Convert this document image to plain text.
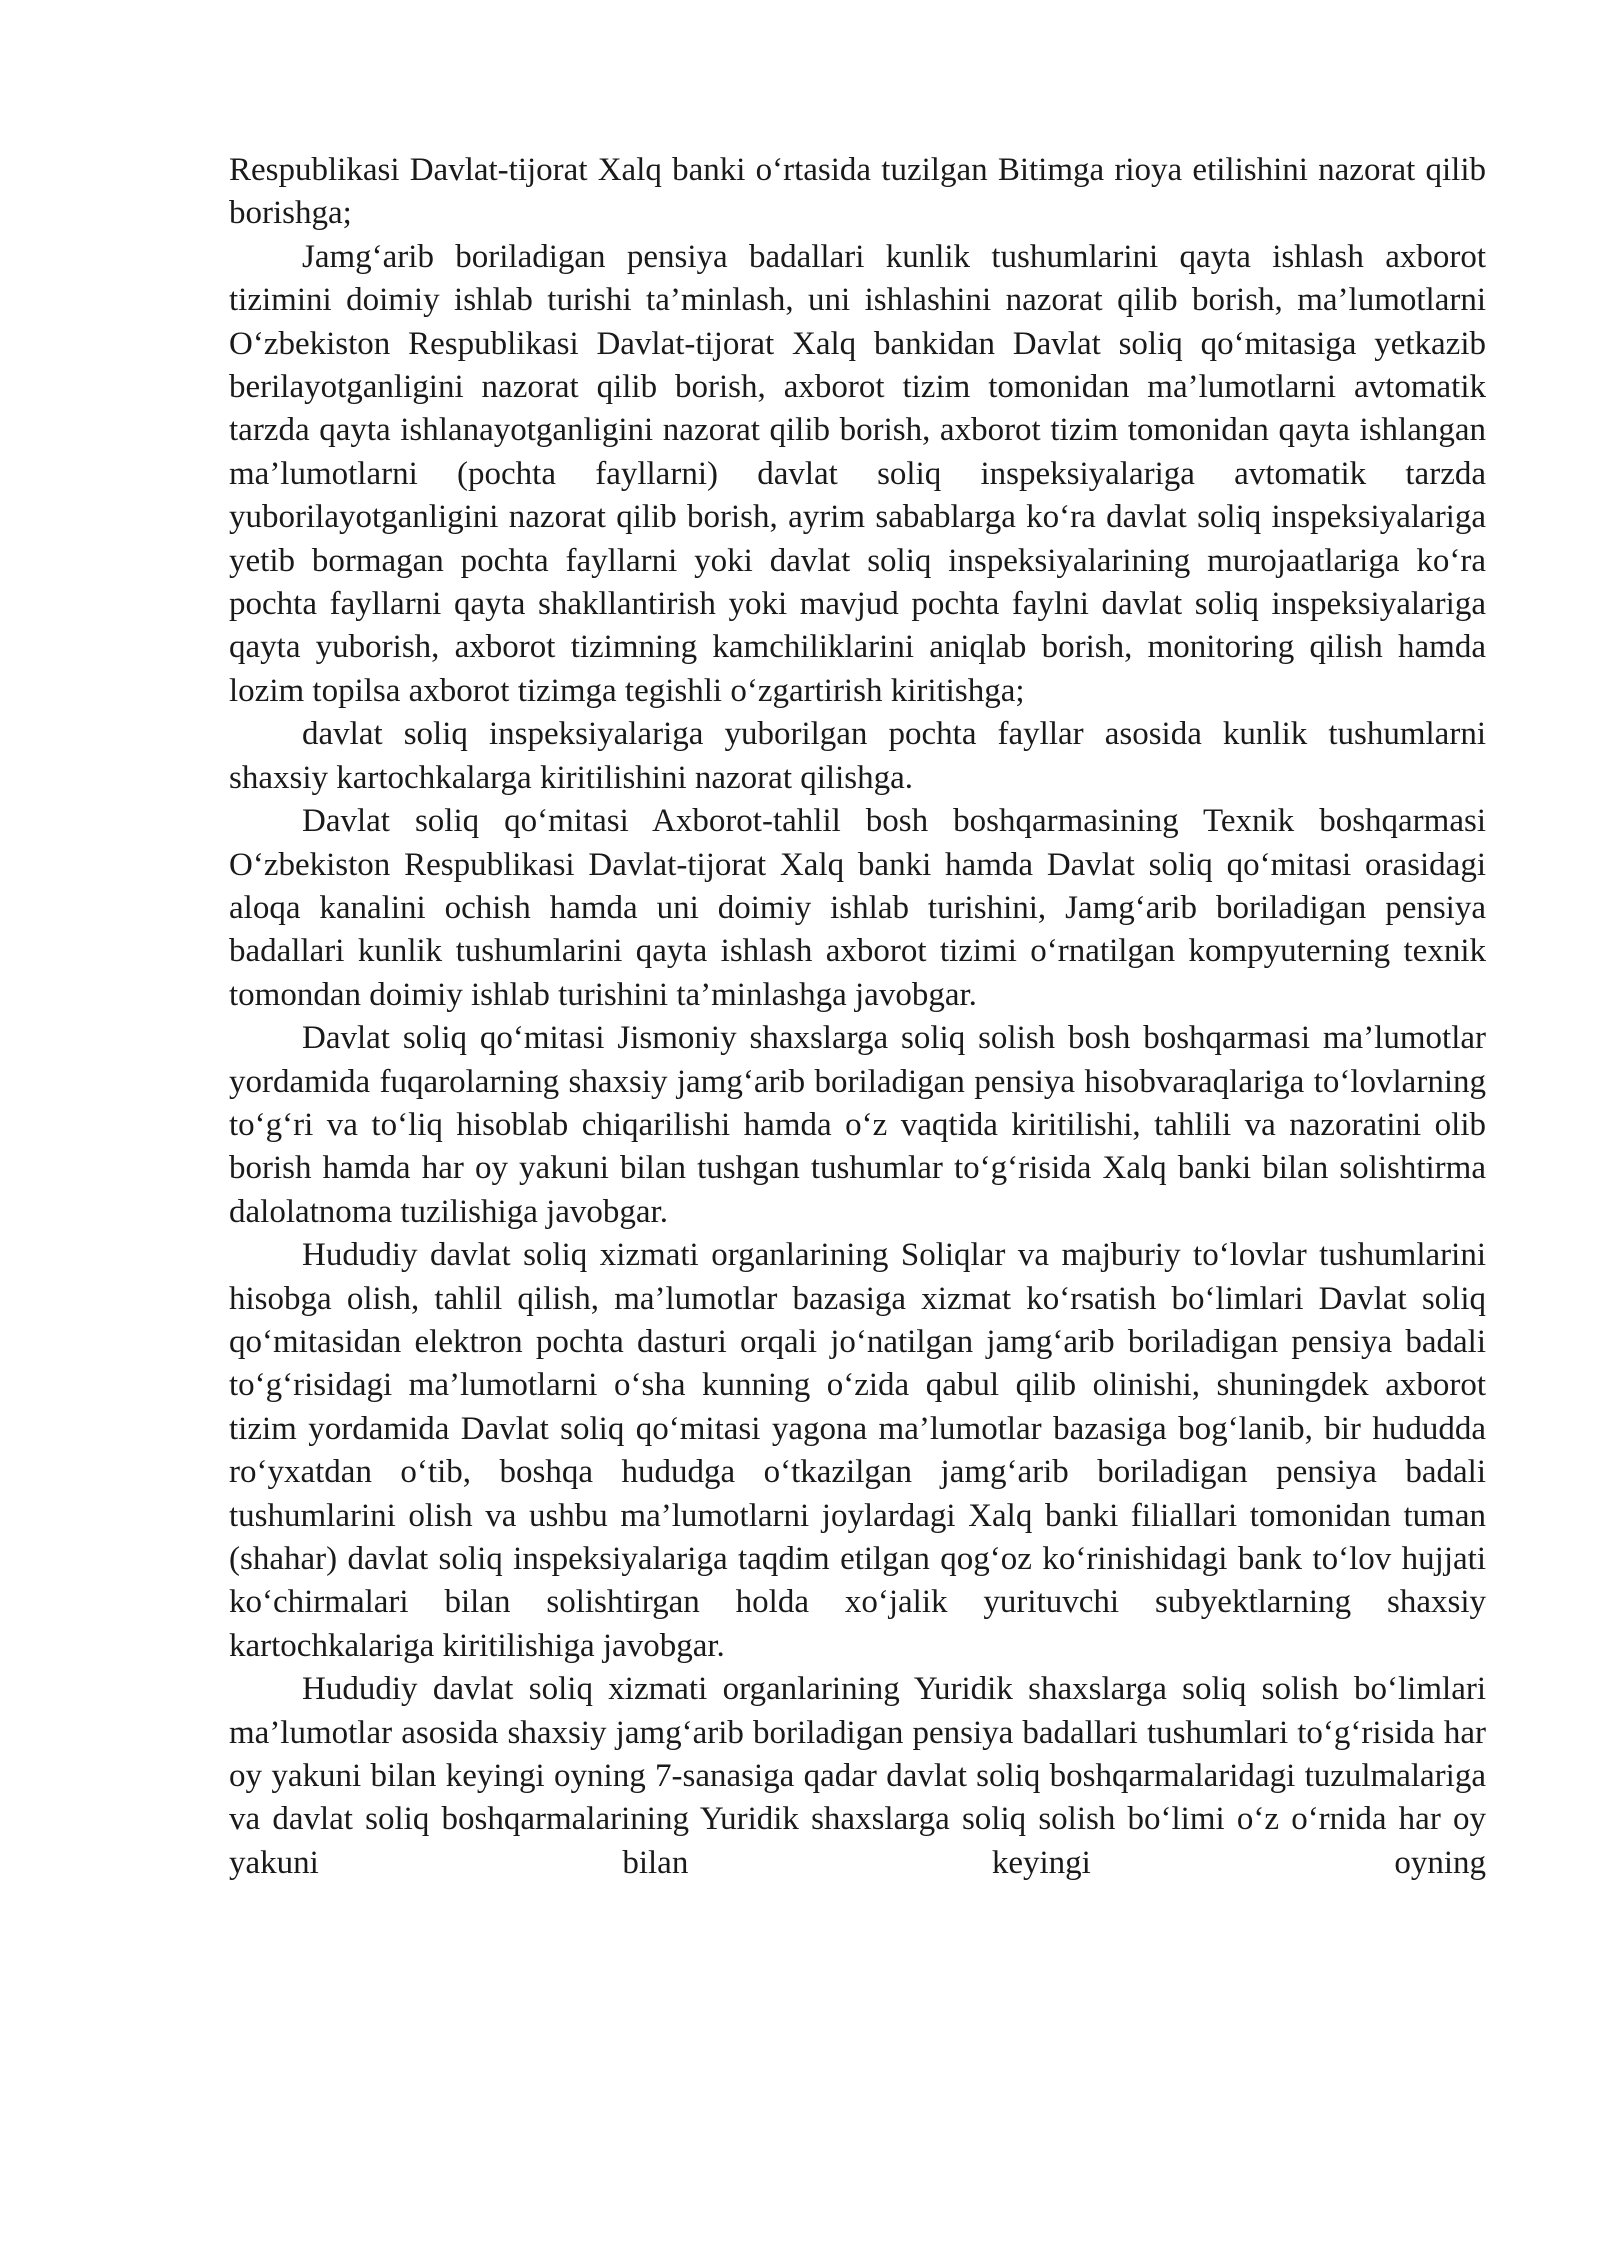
Respublikasi Davlat-tijorat Xalq banki o‘rtasida tuzilgan Bitimga rioya etilishini nazorat qilib borishga;

Jamg‘arib boriladigan pensiya badallari kunlik tushumlarini qayta ishlash axborot tizimini doimiy ishlab turishi ta’minlash, uni ishlashini nazorat qilib borish, ma’lumotlarni O‘zbekiston Respublikasi Davlat-tijorat Xalq bankidan Davlat soliq qo‘mitasiga yetkazib berilayotganligini nazorat qilib borish, axborot tizim tomonidan ma’lumotlarni avtomatik tarzda qayta ishlanayotganligini nazorat qilib borish, axborot tizim tomonidan qayta ishlangan ma’lumotlarni (pochta fayllarni) davlat soliq inspeksiyalariga avtomatik tarzda yuborilayotganligini nazorat qilib borish, ayrim sabablarga ko‘ra davlat soliq inspeksiyalariga yetib bormagan pochta fayllarni yoki davlat soliq inspeksiyalarining murojaatlariga ko‘ra pochta fayllarni qayta shakllantirish yoki mavjud pochta faylni davlat soliq inspeksiyalariga qayta yuborish, axborot tizimning kamchiliklarini aniqlab borish, monitoring qilish hamda lozim topilsa axborot tizimga tegishli o‘zgartirish kiritishga;

davlat soliq inspeksiyalariga yuborilgan pochta fayllar asosida kunlik tushumlarni shaxsiy kartochkalarga kiritilishini nazorat qilishga.

Davlat soliq qo‘mitasi Axborot-tahlil bosh boshqarmasining Texnik boshqarmasi O‘zbekiston Respublikasi Davlat-tijorat Xalq banki hamda Davlat soliq qo‘mitasi orasidagi aloqa kanalini ochish hamda uni doimiy ishlab turishini, Jamg‘arib boriladigan pensiya badallari kunlik tushumlarini qayta ishlash axborot tizimi o‘rnatilgan kompyuterning texnik tomondan doimiy ishlab turishini ta’minlashga javobgar.

Davlat soliq qo‘mitasi Jismoniy shaxslarga soliq solish bosh boshqarmasi ma’lumotlar yordamida fuqarolarning shaxsiy jamg‘arib boriladigan pensiya hisobvaraqlariga to‘lovlarning to‘g‘ri va to‘liq hisoblab chiqarilishi hamda o‘z vaqtida kiritilishi, tahlili va nazoratini olib borish hamda har oy yakuni bilan tushgan tushumlar to‘g‘risida Xalq banki bilan solishtirma dalolatnoma tuzilishiga javobgar.

Hududiy davlat soliq xizmati organlarining Soliqlar va majburiy to‘lovlar tushumlarini hisobga olish, tahlil qilish, ma’lumotlar bazasiga xizmat ko‘rsatish bo‘limlari Davlat soliq qo‘mitasidan elektron pochta dasturi orqali jo‘natilgan jamg‘arib boriladigan pensiya badali to‘g‘risidagi ma’lumotlarni o‘sha kunning o‘zida qabul qilib olinishi, shuningdek axborot tizim yordamida Davlat soliq qo‘mitasi yagona ma’lumotlar bazasiga bog‘lanib, bir hududda ro‘yxatdan o‘tib, boshqa hududga o‘tkazilgan jamg‘arib boriladigan pensiya badali tushumlarini olish va ushbu ma’lumotlarni joylardagi Xalq banki filiallari tomonidan tuman (shahar) davlat soliq inspeksiyalariga taqdim etilgan qog‘oz ko‘rinishidagi bank to‘lov hujjati ko‘chirmalari bilan solishtirgan holda xo‘jalik yurituvchi subyektlarning shaxsiy kartochkalariga kiritilishiga javobgar.

Hududiy davlat soliq xizmati organlarining Yuridik shaxslarga soliq solish bo‘limlari ma’lumotlar asosida shaxsiy jamg‘arib boriladigan pensiya badallari tushumlari to‘g‘risida har oy yakuni bilan keyingi oyning 7-sanasiga qadar davlat soliq boshqarmalaridagi tuzulmalariga va davlat soliq boshqarmalarining Yuridik shaxslarga soliq solish bo‘limi o‘z o‘rnida har oy yakuni bilan keyingi oyning
